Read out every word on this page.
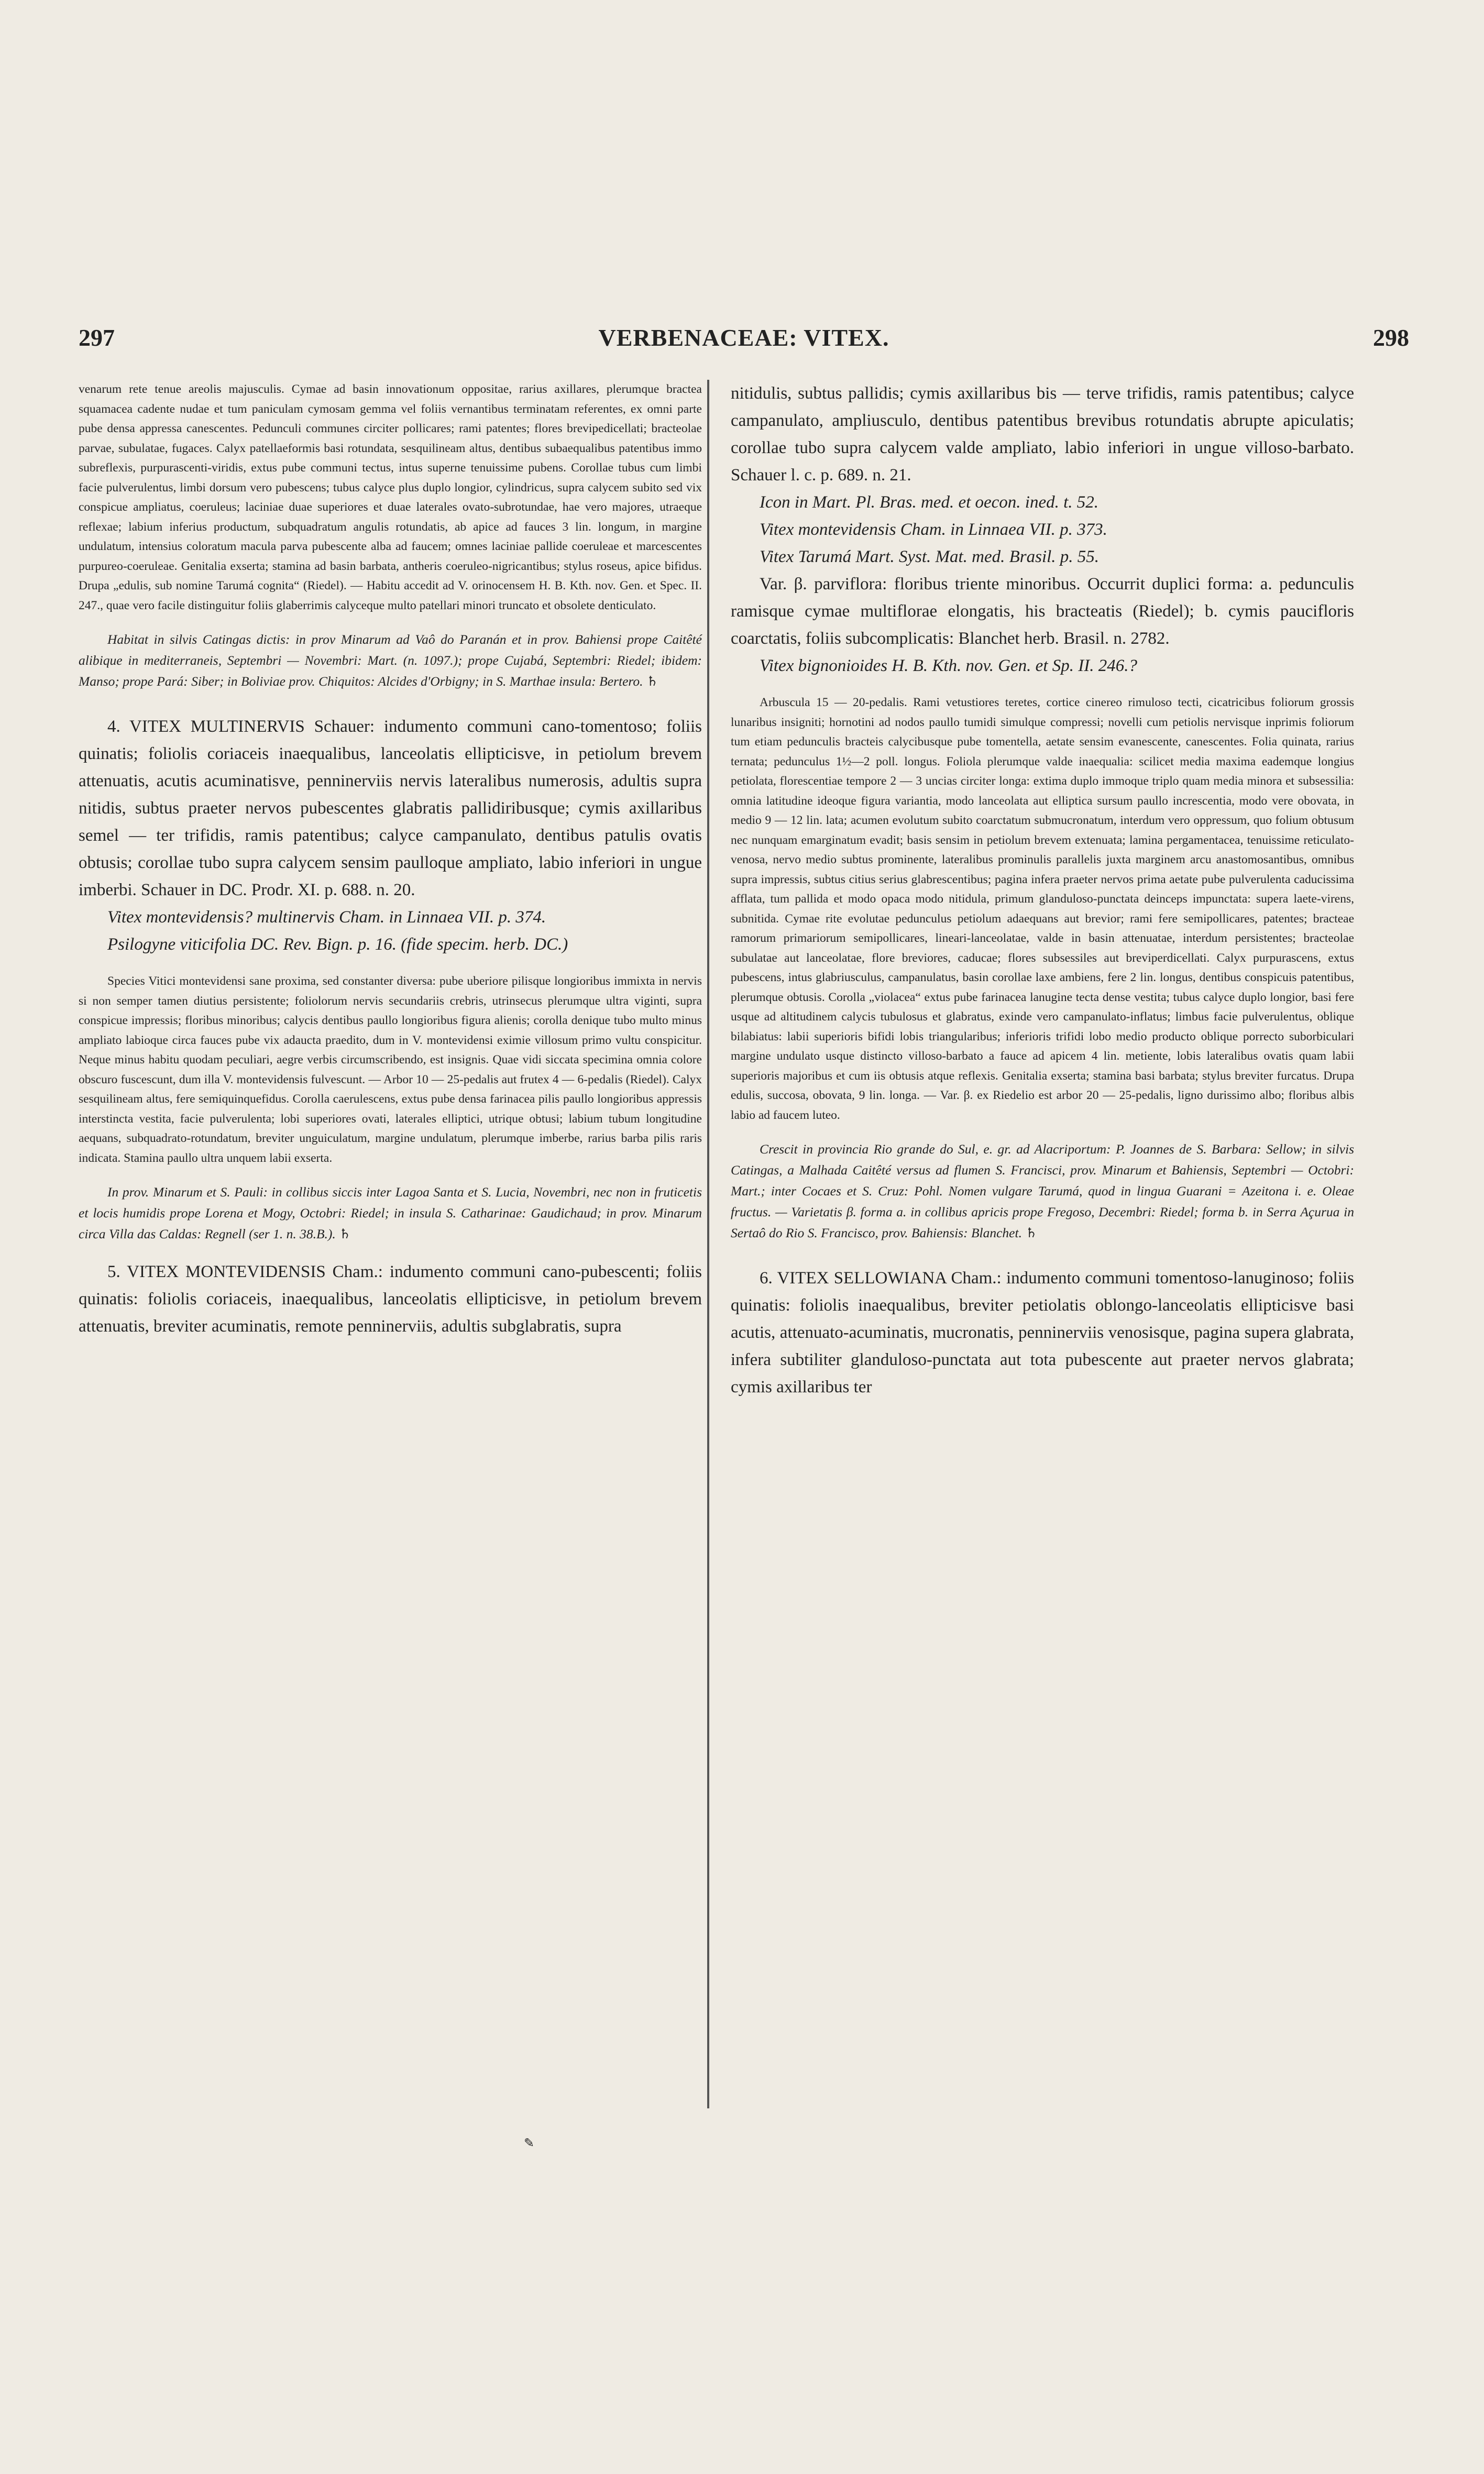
297	VERBENACEAE: VITEX.	298

venarum rete tenue areolis majusculis. Cymae ad basin innovationum oppositae, rarius axillares, plerumque bractea squamacea cadente nudae et tum paniculam cymosam gemma vel foliis vernantibus terminatam referentes, ex omni parte pube densa appressa canescentes. Pedunculi communes circiter pollicares; rami patentes; flores brevipedicellati; bracteolae parvae, subulatae, fugaces. Calyx patellaeformis basi rotundata, sesquilineam altus, dentibus subaequalibus patentibus immo subreflexis, purpurascenti-viridis, extus pube communi tectus, intus superne tenuissime pubens. Corollae tubus cum limbi facie pulverulentus, limbi dorsum vero pubescens; tubus calyce plus duplo longior, cylindricus, supra calycem subito sed vix conspicue ampliatus, coeruleus; laciniae duae superiores et duae laterales ovato-subrotundae, hae vero majores, utraeque reflexae; labium inferius productum, subquadratum angulis rotundatis, ab apice ad fauces 3 lin. longum, in margine undulatum, intensius coloratum macula parva pubescente alba ad faucem; omnes laciniae pallide coeruleae et marcescentes purpureo-coeruleae. Genitalia exserta; stamina ad basin barbata, antheris coeruleo-nigricantibus; stylus roseus, apice bifidus. Drupa „edulis, sub nomine Tarumá cognita“ (Riedel). — Habitu accedit ad V. orinocensem H. B. Kth. nov. Gen. et Spec. II. 247., quae vero facile distinguitur foliis glaberrimis calyceque multo patellari minori truncato et obsolete denticulato.

Habitat in silvis Catingas dictis: in prov Minarum ad Vaô do Paranán et in prov. Bahiensi prope Caitêté alibique in mediterraneis, Septembri — Novembri: Mart. (n. 1097.); prope Cujabá, Septembri: Riedel; ibidem: Manso; prope Pará: Siber; in Boliviae prov. Chiquitos: Alcides d'Orbigny; in S. Marthae insula: Bertero. ♄

4. VITEX MULTINERVIS Schauer: indumento communi cano-tomentoso; foliis quinatis; foliolis coriaceis inaequalibus, lanceolatis ellipticisve, in petiolum brevem attenuatis, acutis acuminatisve, penninerviis nervis lateralibus numerosis, adultis supra nitidis, subtus praeter nervos pubescentes glabratis pallidiribusque; cymis axillaribus semel — ter trifidis, ramis patentibus; calyce campanulato, dentibus patulis ovatis obtusis; corollae tubo supra calycem sensim paulloque ampliato, labio inferiori in ungue imberbi. Schauer in DC. Prodr. XI. p. 688. n. 20.

Vitex montevidensis? multinervis Cham. in Linnaea VII. p. 374.

Psilogyne viticifolia DC. Rev. Bign. p. 16. (fide specim. herb. DC.)

Species Vitici montevidensi sane proxima, sed constanter diversa: pube uberiore pilisque longioribus immixta in nervis si non semper tamen diutius persistente; foliolorum nervis secundariis crebris, utrinsecus plerumque ultra viginti, supra conspicue impressis; floribus minoribus; calycis dentibus paullo longioribus figura alienis; corolla denique tubo multo minus ampliato labioque circa fauces pube vix adaucta praedito, dum in V. montevidensi eximie villosum primo vultu conspicitur. Neque minus habitu quodam peculiari, aegre verbis circumscribendo, est insignis. Quae vidi siccata specimina omnia colore obscuro fuscescunt, dum illa V. montevidensis fulvescunt. — Arbor 10 — 25-pedalis aut frutex 4 — 6-pedalis (Riedel). Calyx sesquilineam altus, fere semiquinquefidus. Corolla caerulescens, extus pube densa farinacea pilis paullo longioribus appressis interstincta vestita, facie pulverulenta; lobi superiores ovati, laterales elliptici, utrique obtusi; labium tubum longitudine aequans, subquadrato-rotundatum, breviter unguiculatum, margine undulatum, plerumque imberbe, rarius barba pilis raris indicata. Stamina paullo ultra unquem labii exserta.

In prov. Minarum et S. Pauli: in collibus siccis inter Lagoa Santa et S. Lucia, Novembri, nec non in fruticetis et locis humidis prope Lorena et Mogy, Octobri: Riedel; in insula S. Catharinae: Gaudichaud; in prov. Minarum circa Villa das Caldas: Regnell (ser 1. n. 38.B.). ♄

5. VITEX MONTEVIDENSIS Cham.: indumento communi cano-pubescenti; foliis quinatis: foliolis coriaceis, inaequalibus, lanceolatis ellipticisve, in petiolum brevem attenuatis, breviter acuminatis, remote penninerviis, adultis subglabratis, supra

nitidulis, subtus pallidis; cymis axillaribus bis — terve trifidis, ramis patentibus; calyce campanulato, ampliusculo, dentibus patentibus brevibus rotundatis abrupte apiculatis; corollae tubo supra calycem valde ampliato, labio inferiori in ungue villoso-barbato. Schauer l. c. p. 689. n. 21.

Icon in Mart. Pl. Bras. med. et oecon. ined. t. 52.

Vitex montevidensis Cham. in Linnaea VII. p. 373.

Vitex Tarumá Mart. Syst. Mat. med. Brasil. p. 55.

Var. β. parviflora: floribus triente minoribus. Occurrit duplici forma: a. pedunculis ramisque cymae multiflorae elongatis, his bracteatis (Riedel); b. cymis paucifloris coarctatis, foliis subcomplicatis: Blanchet herb. Brasil. n. 2782.

Vitex bignonioides H. B. Kth. nov. Gen. et Sp. II. 246.?

Arbuscula 15 — 20-pedalis. Rami vetustiores teretes, cortice cinereo rimuloso tecti, cicatricibus foliorum grossis lunaribus insigniti; hornotini ad nodos paullo tumidi simulque compressi; novelli cum petiolis nervisque inprimis foliorum tum etiam pedunculis bracteis calycibusque pube tomentella, aetate sensim evanescente, canescentes. Folia quinata, rarius ternata; pedunculus 1½—2 poll. longus. Foliola plerumque valde inaequalia: scilicet media maxima eademque longius petiolata, florescentiae tempore 2 — 3 uncias circiter longa: extima duplo immoque triplo quam media minora et subsessilia: omnia latitudine ideoque figura variantia, modo lanceolata aut elliptica sursum paullo increscentia, modo vere obovata, in medio 9 — 12 lin. lata; acumen evolutum subito coarctatum submucronatum, interdum vero oppressum, quo folium obtusum nec nunquam emarginatum evadit; basis sensim in petiolum brevem extenuata; lamina pergamentacea, tenuissime reticulato-venosa, nervo medio subtus prominente, lateralibus prominulis parallelis juxta marginem arcu anastomosantibus, omnibus supra impressis, subtus citius serius glabrescentibus; pagina infera praeter nervos prima aetate pube pulverulenta caducissima afflata, tum pallida et modo opaca modo nitidula, primum glanduloso-punctata deinceps impunctata: supera laete-virens, subnitida. Cymae rite evolutae pedunculus petiolum adaequans aut brevior; rami fere semipollicares, patentes; bracteae ramorum primariorum semipollicares, lineari-lanceolatae, valde in basin attenuatae, interdum persistentes; bracteolae subulatae aut lanceolatae, flore breviores, caducae; flores subsessiles aut breviperdicellati. Calyx purpurascens, extus pubescens, intus glabriusculus, campanulatus, basin corollae laxe ambiens, fere 2 lin. longus, dentibus conspicuis patentibus, plerumque obtusis. Corolla „violacea“ extus pube farinacea lanugine tecta dense vestita; tubus calyce duplo longior, basi fere usque ad altitudinem calycis tubulosus et glabratus, exinde vero campanulato-inflatus; limbus facie pulverulentus, oblique bilabiatus: labii superioris bifidi lobis triangularibus; inferioris trifidi lobo medio producto oblique porrecto suborbiculari margine undulato usque distincto villoso-barbato a fauce ad apicem 4 lin. metiente, lobis lateralibus ovatis quam labii superioris majoribus et cum iis obtusis atque reflexis. Genitalia exserta; stamina basi barbata; stylus breviter furcatus. Drupa edulis, succosa, obovata, 9 lin. longa. — Var. β. ex Riedelio est arbor 20 — 25-pedalis, ligno durissimo albo; floribus albis labio ad faucem luteo.

Crescit in provincia Rio grande do Sul, e. gr. ad Alacriportum: P. Joannes de S. Barbara: Sellow; in silvis Catingas, a Malhada Caitêté versus ad flumen S. Francisci, prov. Minarum et Bahiensis, Septembri — Octobri: Mart.; inter Cocaes et S. Cruz: Pohl. Nomen vulgare Tarumá, quod in lingua Guarani = Azeitona i. e. Oleae fructus. — Varietatis β. forma a. in collibus apricis prope Fregoso, Decembri: Riedel; forma b. in Serra Açurua in Sertaô do Rio S. Francisco, prov. Bahiensis: Blanchet. ♄

6. VITEX SELLOWIANA Cham.: indumento communi tomentoso-lanuginoso; foliis quinatis: foliolis inaequalibus, breviter petiolatis oblongo-lanceolatis ellipticisve basi acutis, attenuato-acuminatis, mucronatis, penninerviis venosisque, pagina supera glabrata, infera subtiliter glanduloso-punctata aut tota pubescente aut praeter nervos glabrata; cymis axillaribus ter

✎
